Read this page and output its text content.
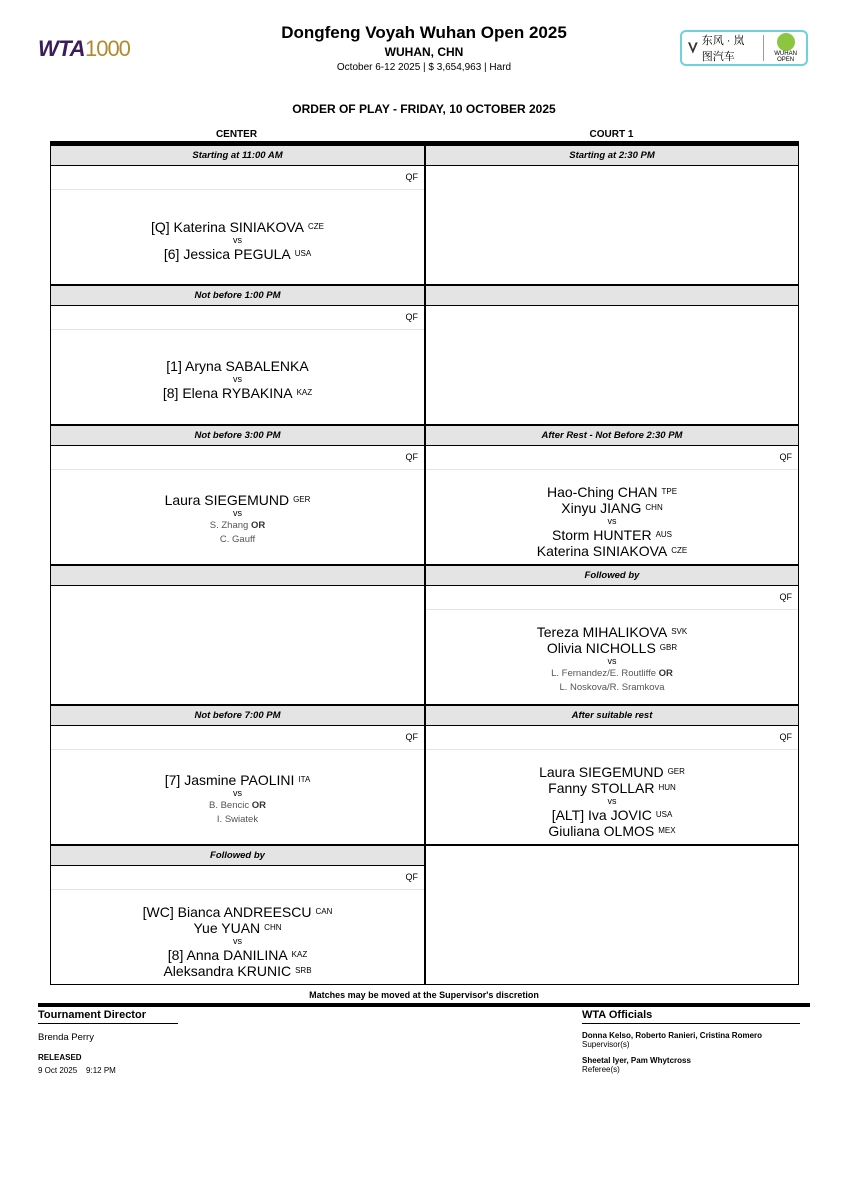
WTA1000
Dongfeng Voyah Wuhan Open 2025
WUHAN, CHN
October 6-12 2025 | $ 3,654,963 | Hard
东风 · 岚图汽车	WUHAN OPEN
ORDER OF PLAY - FRIDAY, 10 OCTOBER 2025
CENTER	COURT 1
Starting at 11:00 AM
QF
[Q] Katerina SINIAKOVA $^{CZE}$
vs
[6] Jessica PEGULA $^{USA}$
Starting at 2:30 PM
Not before 1:00 PM
QF
[1] Aryna SABALENKA
vs
[8] Elena RYBAKINA $^{KAZ}$
Not before 3:00 PM
QF
Laura SIEGEMUND $^{GER}$
vs
S. Zhang OR
C. Gauff
After Rest - Not Before 2:30 PM
QF
Hao-Ching CHAN $^{TPE}$
Xinyu JIANG $^{CHN}$
vs
Storm HUNTER $^{AUS}$
Katerina SINIAKOVA $^{CZE}$
Followed by
QF
Tereza MIHALIKOVA $^{SVK}$
Olivia NICHOLLS $^{GBR}$
vs
L. Fernandez/E. Routliffe OR
L. Noskova/R. Sramkova
Not before 7:00 PM
QF
[7] Jasmine PAOLINI $^{ITA}$
vs
B. Bencic OR
I. Swiatek
After suitable rest
QF
Laura SIEGEMUND $^{GER}$
Fanny STOLLAR $^{HUN}$
vs
[ALT] Iva JOVIC $^{USA}$
Giuliana OLMOS $^{MEX}$
Followed by
QF
[WC] Bianca ANDREESCU $^{CAN}$
Yue YUAN $^{CHN}$
vs
[8] Anna DANILINA $^{KAZ}$
Aleksandra KRUNIC $^{SRB}$
Matches may be moved at the Supervisor's discretion
Tournament Director
Brenda Perry
RELEASED
9 Oct 2025    9:12 PM
WTA Officials
Donna Kelso, Roberto Ranieri, Cristina Romero
Supervisor(s)
Sheetal Iyer, Pam Whytcross
Referee(s)
